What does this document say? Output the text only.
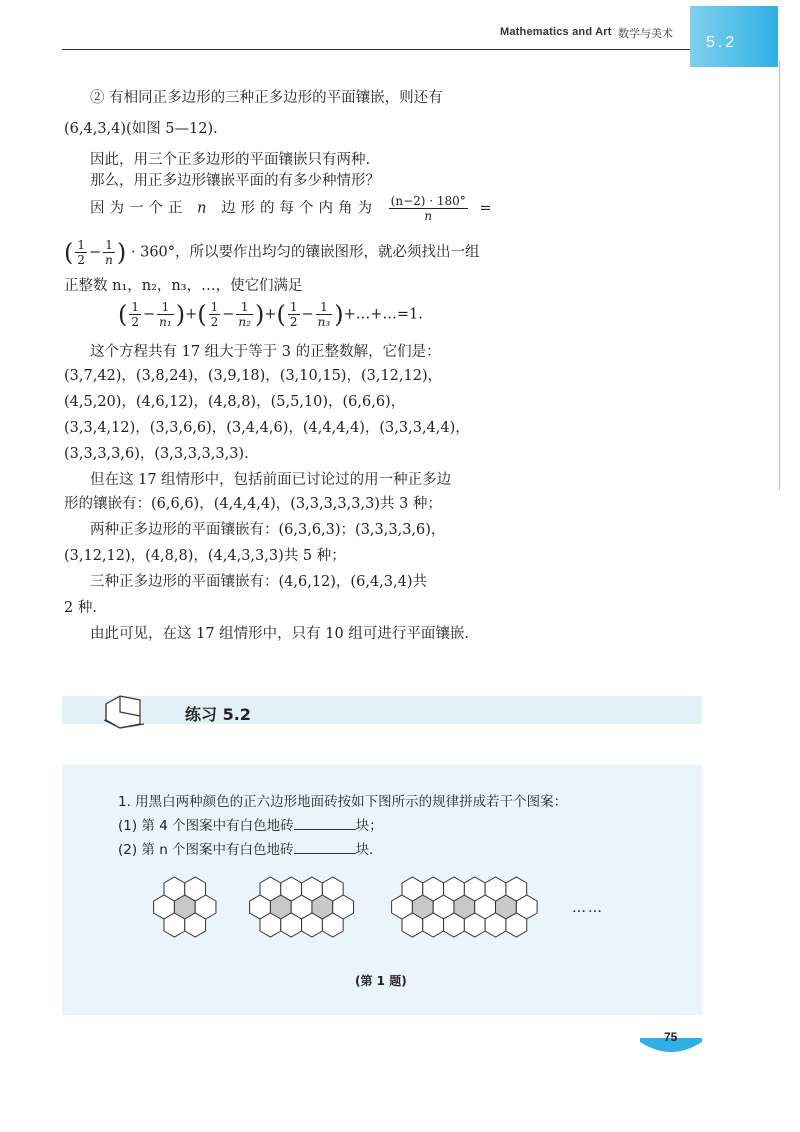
Mathematics and Art 数学与美术
5.2
② 有相同正多边形的三种正多边形的平面镶嵌，则还有
(6,4,3,4)(如图 5—12).
因此，用三个正多边形的平面镶嵌只有两种.
那么，用正多边形镶嵌平面的有多少种情形？
因为一个正 n 边形的每个内角为 $\frac{(n-2) \cdot 180^\circ}{n}$ =
( $\frac{1}{2} - \frac{1}{n}$ ) · 360°，所以要作出均匀的镶嵌图形，就必须找出一组
正整数 n₁，n₂，n₃，…，使它们满足
( $\frac{1}{2} - \frac{1}{\text{n₁}}$ )+( $\frac{1}{2} - \frac{1}{\text{n₂}}$ )+( $\frac{1}{2} - \frac{1}{\text{n₃}}$ )+…+…=1.
这个方程共有 17 组大于等于 3 的正整数解，它们是：
(3,7,42)，(3,8,24)，(3,9,18)，(3,10,15)，(3,12,12)，
(4,5,20)，(4,6,12)，(4,8,8)，(5,5,10)，(6,6,6)，
(3,3,4,12)，(3,3,6,6)，(3,4,4,6)，(4,4,4,4)，(3,3,3,4,4)，
(3,3,3,3,6)，(3,3,3,3,3,3).
但在这 17 组情形中，包括前面已讨论过的用一种正多边
形的镶嵌有：(6,6,6)，(4,4,4,4)，(3,3,3,3,3,3)共 3 种；
两种正多边形的平面镶嵌有：(6,3,6,3)；(3,3,3,3,6)，
(3,12,12)，(4,8,8)，(4,4,3,3,3)共 5 种；
三种正多边形的平面镶嵌有：(4,6,12)，(6,4,3,4)共
2 种.
由此可见，在这 17 组情形中，只有 10 组可进行平面镶嵌.
练习 5.2
1. 用黑白两种颜色的正六边形地面砖按如下图所示的规律拼成若干个图案：
(1) 第 4 个图案中有白色地砖	块；
(2) 第 n 个图案中有白色地砖	块.
……
(第 1 题)
75
